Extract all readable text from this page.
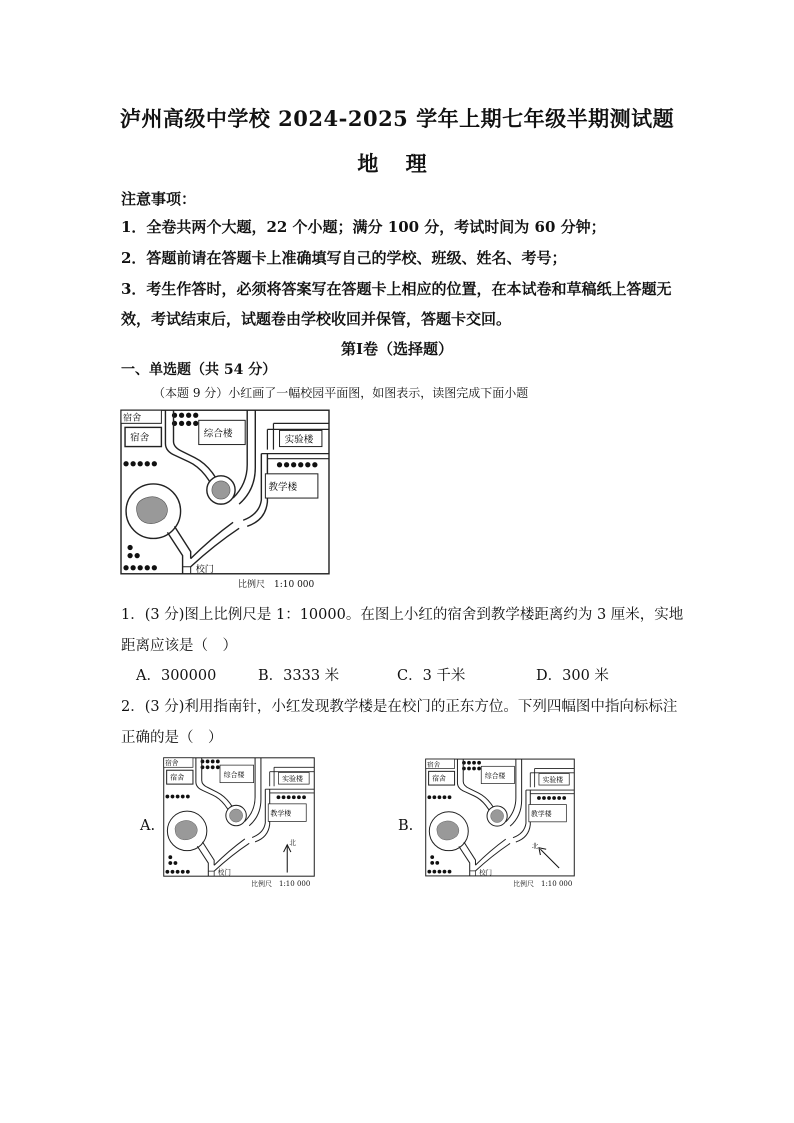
泸州高级中学校 2024-2025 学年上期七年级半期测试题
地 理
注意事项：
1．全卷共两个大题，22 个小题；满分 100 分，考试时间为 60 分钟；
2．答题前请在答题卡上准确填写自己的学校、班级、姓名、考号；
3．考生作答时，必须将答案写在答题卡上相应的位置，在本试卷和草稿纸上答题无效，考试结束后，试题卷由学校收回并保管，答题卡交回。
第Ⅰ卷（选择题）
一、单选题（共 54 分）
（本题 9 分）小红画了一幅校园平面图，如图表示，读图完成下面小题
宿舍
宿舍	综合楼
实验楼
教学楼
校门
比例尺　1:10 000
1．(3 分)图上比例尺是 1：10000。在图上小红的宿舍到教学楼距离约为 3 厘米，实地距离应该是（　）
A．300000	B．3333 米	C．3 千米	D．300 米
2．(3 分)利用指南针，小红发现教学楼是在校门的正东方位。下列四幅图中指向标标注正确的是（　）
A.
宿舍
宿舍	综合楼
实验楼
教学楼
校门
北
比例尺　1:10 000
B.
宿舍
宿舍	综合楼
实验楼
教学楼
校门
北
比例尺　1:10 000
